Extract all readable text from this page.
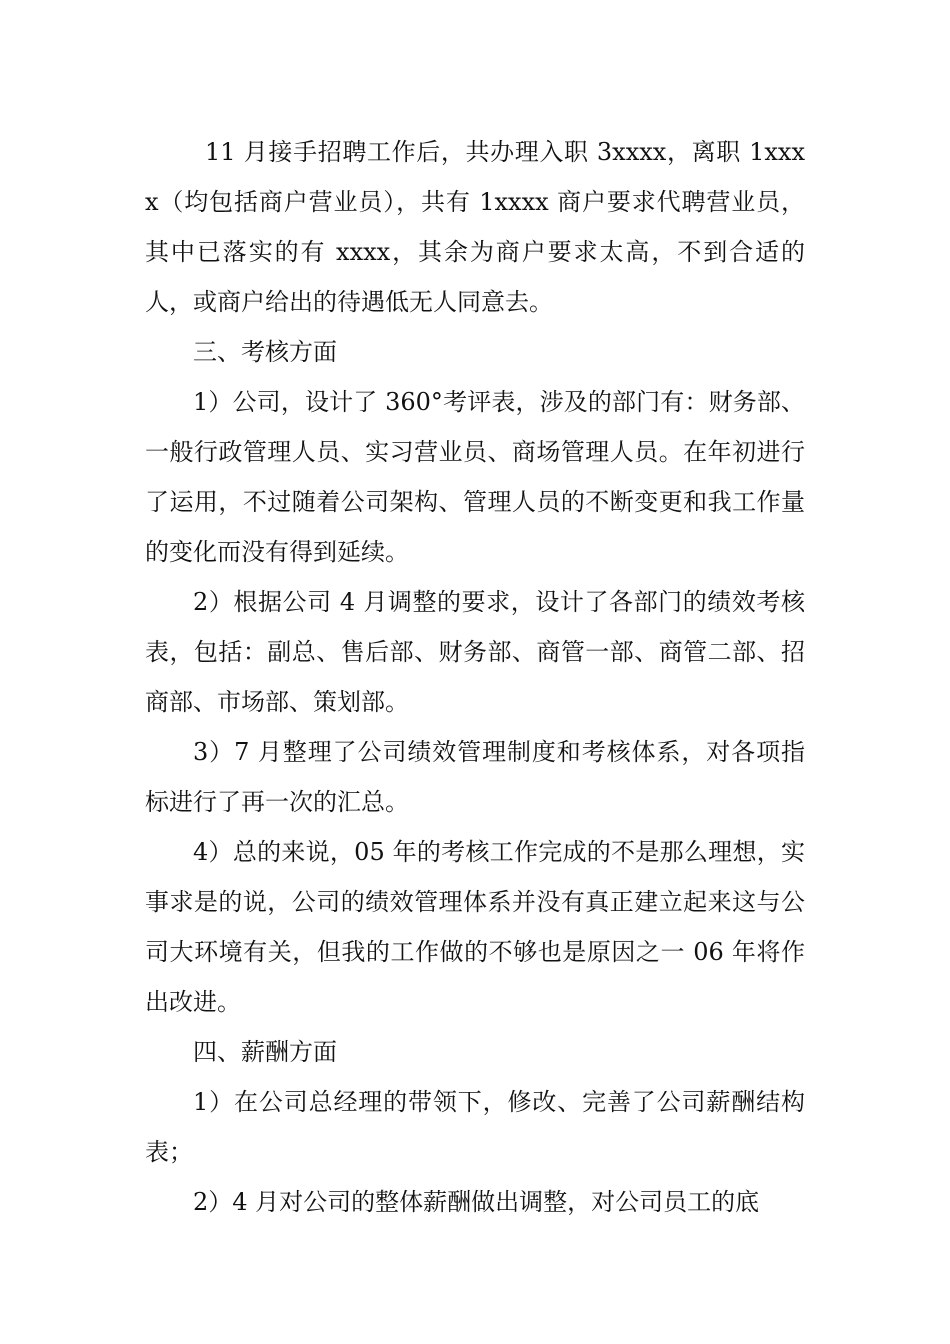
11 月接手招聘工作后，共办理入职 3xxxx，离职 1xxxx（均包括商户营业员），共有 1xxxx 商户要求代聘营业员，其中已落实的有 xxxx，其余为商户要求太高，不到合适的人，或商户给出的待遇低无人同意去。

三、考核方面

1）公司，设计了 360°考评表，涉及的部门有：财务部、一般行政管理人员、实习营业员、商场管理人员。在年初进行了运用，不过随着公司架构、管理人员的不断变更和我工作量的变化而没有得到延续。

2）根据公司 4 月调整的要求，设计了各部门的绩效考核表，包括：副总、售后部、财务部、商管一部、商管二部、招商部、市场部、策划部。

3）7 月整理了公司绩效管理制度和考核体系，对各项指标进行了再一次的汇总。

4）总的来说，05 年的考核工作完成的不是那么理想，实事求是的说，公司的绩效管理体系并没有真正建立起来这与公司大环境有关，但我的工作做的不够也是原因之一 06 年将作出改进。

四、薪酬方面

1）在公司总经理的带领下，修改、完善了公司薪酬结构表；

2）4 月对公司的整体薪酬做出调整，对公司员工的底
